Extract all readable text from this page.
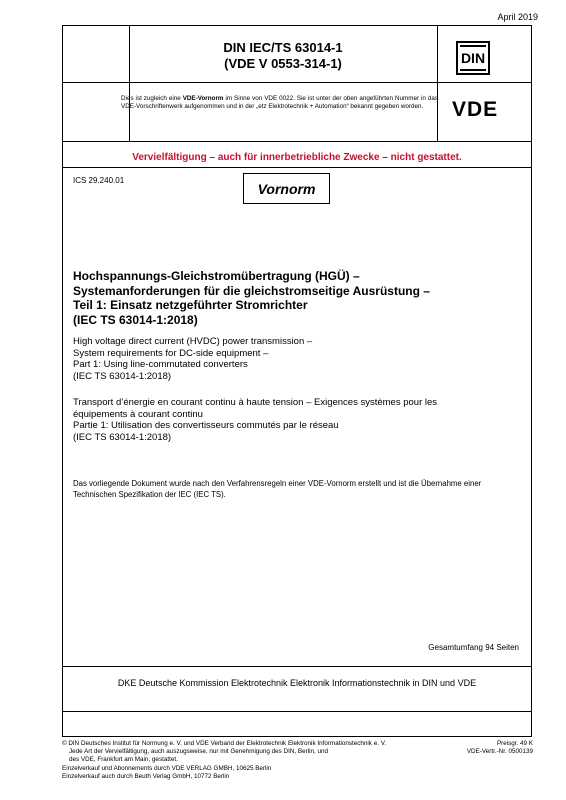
April 2019
DIN IEC/TS 63014-1
(VDE V 0553-314-1)	DIN
Dies ist zugleich eine VDE-Vornorm im Sinne von VDE 0022. Sie ist unter der oben angeführten Nummer in das VDE-Vorschriftenwerk aufgenommen und in der „etz Elektrotechnik + Automation“ bekannt gegeben worden.	VDE
Vervielfältigung – auch für innerbetriebliche Zwecke – nicht gestattet.
ICS 29.240.01	Vornorm
Hochspannungs-Gleichstromübertragung (HGÜ) –
Systemanforderungen für die gleichstromseitige Ausrüstung –
Teil 1: Einsatz netzgeführter Stromrichter
(IEC TS 63014-1:2018)
High voltage direct current (HVDC) power transmission –
System requirements for DC-side equipment –
Part 1: Using line-commutated converters
(IEC TS 63014-1:2018)
Transport d’énergie en courant continu à haute tension – Exigences systèmes pour les
équipements à courant continu
Partie 1: Utilisation des convertisseurs commutés par le réseau
(IEC TS 63014-1:2018)
Das vorliegende Dokument wurde nach den Verfahrensregeln einer VDE-Vornorm erstellt und ist die Übernahme einer Technischen Spezifikation der IEC (IEC TS).
Gesamtumfang 94 Seiten
DKE Deutsche Kommission Elektrotechnik Elektronik Informationstechnik in DIN und VDE
© DIN Deutsches Institut für Normung e. V. und VDE Verband der Elektrotechnik Elektronik Informationstechnik e. V.
Jede Art der Vervielfältigung, auch auszugsweise, nur mit Genehmigung des DIN, Berlin, und
des VDE, Frankfurt am Main, gestattet.
Einzelverkauf und Abonnements durch VDE VERLAG GMBH, 10625 Berlin
Einzelverkauf auch durch Beuth Verlag GmbH, 10772 Berlin
Preisgr. 49 K
VDE-Vertr.-Nr. 0500139
